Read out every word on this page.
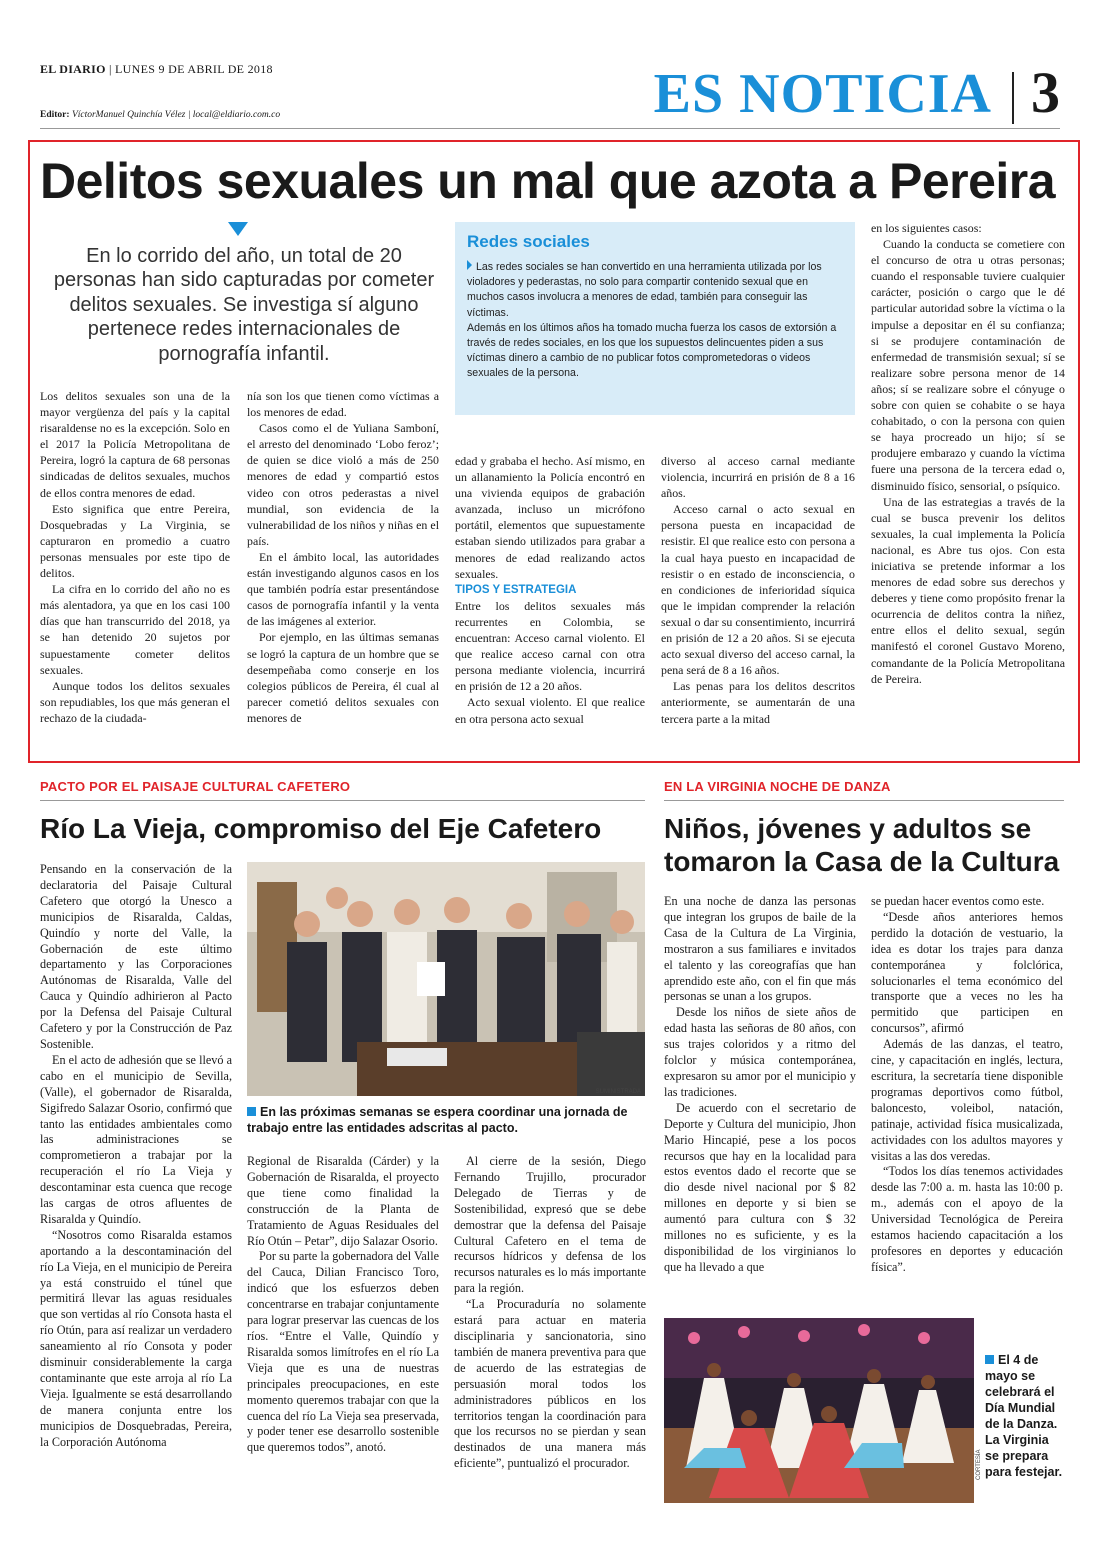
EL DIARIO | LUNES 9 DE ABRIL DE 2018
Editor: VíctorManuel Quinchía Vélez | local@eldiario.com.co	ES NOTICIA 3
Delitos sexuales un mal que azota a Pereira
En lo corrido del año, un total de 20 personas han sido capturadas por cometer delitos sexuales. Se investiga sí alguno pertenece redes internacionales de pornografía infantil.
Redes sociales

Las redes sociales se han convertido en una herramienta utilizada por los violadores y pederastas, no solo para compartir contenido sexual que en muchos casos involucra a menores de edad, también para conseguir las víctimas.

Además en los últimos años ha tomado mucha fuerza los casos de extorsión a través de redes sociales, en los que los supuestos delincuentes piden a sus víctimas dinero a cambio de no publicar fotos comprometedoras o videos sexuales de la persona.

Los delitos sexuales son una de la mayor vergüenza del país y la capital risaraldense no es la excepción. Solo en el 2017 la Policía Metropolitana de Pereira, logró la captura de 68 personas sindicadas de delitos sexuales, muchos de ellos contra menores de edad.

Esto significa que entre Pereira, Dosquebradas y La Virginia, se capturaron en promedio a cuatro personas mensuales por este tipo de delitos.

La cifra en lo corrido del año no es más alentadora, ya que en los casi 100 días que han transcurrido del 2018, ya se han detenido 20 sujetos por supuestamente cometer delitos sexuales.

Aunque todos los delitos sexuales son repudiables, los que más generan el rechazo de la ciudada-

nía son los que tienen como víctimas a los menores de edad.

Casos como el de Yuliana Samboní, el arresto del denominado ‘Lobo feroz’; de quien se dice violó a más de 250 menores de edad y compartió estos video con otros pederastas a nivel mundial, son evidencia de la vulnerabilidad de los niños y niñas en el país.

En el ámbito local, las autoridades están investigando algunos casos en los que también podría estar presentándose casos de pornografía infantil y la venta de las imágenes al exterior.

Por ejemplo, en las últimas semanas se logró la captura de un hombre que se desempeñaba como conserje en los colegios públicos de Pereira, él cual al parecer cometió delitos sexuales con menores de

edad y grababa el hecho. Así mismo, en un allanamiento la Policía encontró en una vivienda equipos de grabación avanzada, incluso un micrófono portátil, elementos que supuestamente estaban siendo utilizados para grabar a menores de edad realizando actos sexuales.

TIPOS Y ESTRATEGIA

Entre los delitos sexuales más recurrentes en Colombia, se encuentran: Acceso carnal violento. El que realice acceso carnal con otra persona mediante violencia, incurrirá en prisión de 12 a 20 años.

Acto sexual violento. El que realice en otra persona acto sexual

diverso al acceso carnal mediante violencia, incurrirá en prisión de 8 a 16 años.

Acceso carnal o acto sexual en persona puesta en incapacidad de resistir. El que realice esto con persona a la cual haya puesto en incapacidad de resistir o en estado de inconsciencia, o en condiciones de inferioridad síquica que le impidan comprender la relación sexual o dar su consentimiento, incurrirá en prisión de 12 a 20 años. Si se ejecuta acto sexual diverso del acceso carnal, la pena será de 8 a 16 años.

Las penas para los delitos descritos anteriormente, se aumentarán de una tercera parte a la mitad

en los siguientes casos:

Cuando la conducta se cometiere con el concurso de otra u otras personas; cuando el responsable tuviere cualquier carácter, posición o cargo que le dé particular autoridad sobre la víctima o la impulse a depositar en él su confianza; si se produjere contaminación de enfermedad de transmisión sexual; sí se realizare sobre persona menor de 14 años; sí se realizare sobre el cónyuge o sobre con quien se cohabite o se haya cohabitado, o con la persona con quien se haya procreado un hijo; sí se produjere embarazo y cuando la víctima fuere una persona de la tercera edad o, disminuido físico, sensorial, o psíquico.

Una de las estrategias a través de la cual se busca prevenir los delitos sexuales, la cual implementa la Policía nacional, es Abre tus ojos. Con esta iniciativa se pretende informar a los menores de edad sobre sus derechos y deberes y tiene como propósito frenar la ocurrencia de delitos contra la niñez, entre ellos el delito sexual, según manifestó el coronel Gustavo Moreno, comandante de la Policía Metropolitana de Pereira.

PACTO POR EL PAISAJE CULTURAL CAFETERO
Río La Vieja, compromiso del Eje Cafetero

Pensando en la conservación de la declaratoria del Paisaje Cultural Cafetero que otorgó la Unesco a municipios de Risaralda, Caldas, Quindío y norte del Valle, la Gobernación de este último departamento y las Corporaciones Autónomas de Risaralda, Valle del Cauca y Quindío adhirieron al Pacto por la Defensa del Paisaje Cultural Cafetero y por la Construcción de Paz Sostenible.

En el acto de adhesión que se llevó a cabo en el municipio de Sevilla, (Valle), el gobernador de Risaralda, Sigifredo Salazar Osorio, confirmó que tanto las entidades ambientales como las administraciones se comprometieron a trabajar por la recuperación el río La Vieja y descontaminar esta cuenca que recoge las cargas de otros afluentes de Risaralda y Quindío.

“Nosotros como Risaralda estamos aportando a la descontaminación del río La Vieja, en el municipio de Pereira ya está construido el túnel que permitirá llevar las aguas residuales que son vertidas al río Consota hasta el río Otún, para así realizar un verdadero saneamiento al río Consota y poder disminuir considerablemente la carga contaminante que este arroja al río La Vieja. Igualmente se está desarrollando de manera conjunta entre los municipios de Dosquebradas, Pereira, la Corporación Autónoma

SUMINISTRADA
En las próximas semanas se espera coordinar una jornada de trabajo entre las entidades adscritas al pacto.

Regional de Risaralda (Cárder) y la Gobernación de Risaralda, el proyecto que tiene como finalidad la construcción de la Planta de Tratamiento de Aguas Residuales del Río Otún – Petar”, dijo Salazar Osorio.

Por su parte la gobernadora del Valle del Cauca, Dilian Francisco Toro, indicó que los esfuerzos deben concentrarse en trabajar conjuntamente para lograr preservar las cuencas de los ríos. “Entre el Valle, Quindío y Risaralda somos limítrofes en el río La Vieja que es una de nuestras principales preocupaciones, en este momento queremos trabajar con que la cuenca del río La Vieja sea preservada, y poder tener ese desarrollo sostenible que queremos todos”, anotó.

Al cierre de la sesión, Diego Fernando Trujillo, procurador Delegado de Tierras y de Sostenibilidad, expresó que se debe demostrar que la defensa del Paisaje Cultural Cafetero en el tema de recursos hídricos y defensa de los recursos naturales es lo más importante para la región.

“La Procuraduría no solamente estará para actuar en materia disciplinaria y sancionatoria, sino también de manera preventiva para que de acuerdo de las estrategias de persuasión moral todos los administradores públicos en los territorios tengan la coordinación para que los recursos no se pierdan y sean destinados de una manera más eficiente”, puntualizó el procurador.

EN LA VIRGINIA NOCHE DE DANZA
Niños, jóvenes y adultos se tomaron la Casa de la Cultura

En una noche de danza las personas que integran los grupos de baile de la Casa de la Cultura de La Virginia, mostraron a sus familiares e invitados el talento y las coreografías que han aprendido este año, con el fin que más personas se unan a los grupos.

Desde los niños de siete años de edad hasta las señoras de 80 años, con sus trajes coloridos y a ritmo del folclor y música contemporánea, expresaron su amor por el municipio y las tradiciones.

De acuerdo con el secretario de Deporte y Cultura del municipio, Jhon Mario Hincapié, pese a los pocos recursos que hay en la localidad para estos eventos dado el recorte que se dio desde nivel nacional por $ 82 millones en deporte y si bien se aumentó para cultura con $ 32 millones no es suficiente, y es la disponibilidad de los virginianos lo que ha llevado a que

se puedan hacer eventos como este.

“Desde años anteriores hemos perdido la dotación de vestuario, la idea es dotar los trajes para danza contemporánea y folclórica, solucionarles el tema económico del transporte que a veces no les ha permitido que participen en concursos”, afirmó

Además de las danzas, el teatro, cine, y capacitación en inglés, lectura, escritura, la secretaría tiene disponible programas deportivos como fútbol, baloncesto, voleibol, natación, patinaje, actividad física musicalizada, actividades con los adultos mayores y visitas a las dos veredas.

“Todos los días tenemos actividades desde las 7:00 a. m. hasta las 10:00 p. m., además con el apoyo de la Universidad Tecnológica de Pereira estamos haciendo capacitación a los profesores en deportes y educación física”.

CORTESÍA
El 4 de mayo se celebrará el Día Mundial de la Danza. La Virginia se prepara para festejar.
